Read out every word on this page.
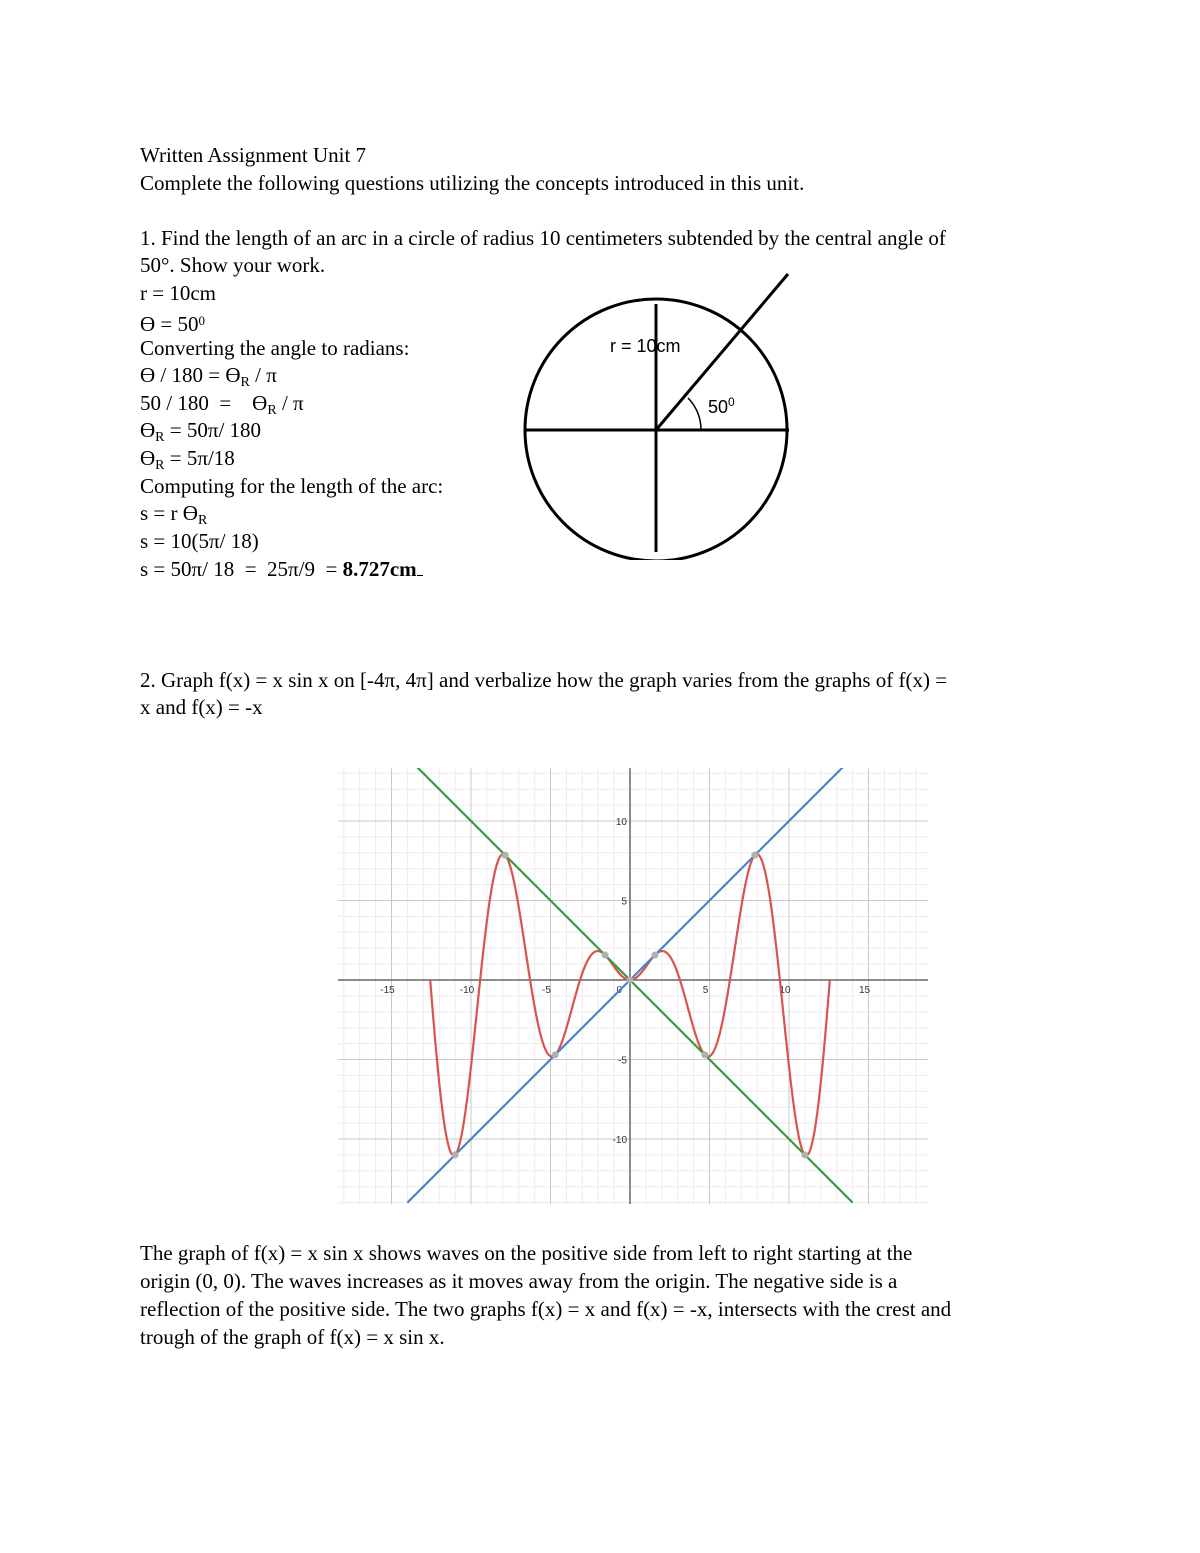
Written Assignment Unit 7
Complete the following questions utilizing the concepts introduced in this unit.
1. Find the length of an arc in a circle of radius 10 centimeters subtended by the central angle of
50°. Show your work.
r = 10cm
$ϴ = 50^0$
Converting the angle to radians:
$ϴ / 180 = ϴ_R / \pi$
50 / 180  =    $ϴ_R$ / π
$ϴ_R = 50\pi/$ 180
$ϴ_R = 5\pi/18$
Computing for the length of the arc:
s = r $ϴ_R$
s = 10(5π/ 18)
s = 50π/ 18  =  25π/9  = 8.727cm
r = 10cm
$50^0$
2. Graph f(x) = x sin x on [-4π, 4π] and verbalize how the graph varies from the graphs of f(x) =
x and f(x) = -x
-15	-10	-5	0	5	10	15
-10
-5
5
10
The graph of f(x) = x sin x shows waves on the positive side from left to right starting at the
origin (0, 0). The waves increases as it moves away from the origin. The negative side is a
reflection of the positive side. The two graphs f(x) = x and f(x) = -x, intersects with the crest and
trough of the graph of f(x) = x sin x.
